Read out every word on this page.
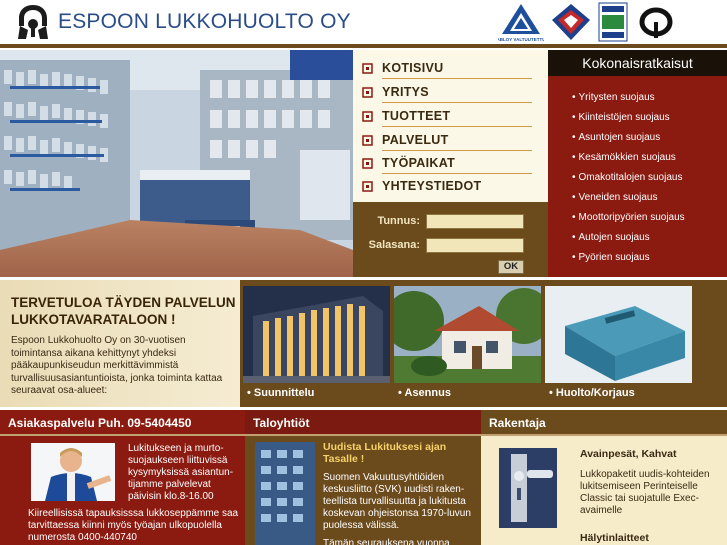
ESPOON LUKKOHUOLTO OY
ABLOY VALTUUTETTU
KOTISIVU
YRITYS
TUOTTEET
PALVELUT
TYÖPAIKAT
YHTEYSTIEDOT
Tunnus:
Salasana:
OK
Kokonaisratkaisut
• Yritysten suojaus
• Kiinteistöjen suojaus
• Asuntojen suojaus
• Kesämökkien suojaus
• Omakotitalojen suojaus
• Veneiden suojaus
• Moottoripyörien suojaus
• Autojen suojaus
• Pyörien suojaus
TERVETULOA TÄYDEN PALVELUN LUKKOTAVARATALOON !
Espoon Lukkohuolto Oy on 30-vuotisen toimintansa aikana kehittynyt yhdeksi pääkaupunkiseudun merkittävimmistä turvallisuusasiantuntioista, jonka toiminta kattaa seuraavat osa-alueet:	• Suunnittelu	• Asennus	• Huolto/Korjaus
Asiakaspalvelu Puh. 09-5404450
Lukitukseen ja murto-suojaukseen liittuvissä kysymyksissä asiantun-tijamme palvelevat päivisin klo.8-16.00
Kiireellisissä tapauksisssa lukkoseppämme saa tarvittaessa kiinni myös työajan ulkopuolella numerosta 0400-440740
Taloyhtiöt
Uudista Lukituksesi ajan Tasalle !
Suomen Vakuutusyhtiöiden keskusliitto (SVK) uudisti raken-teellista turvallisuutta ja lukitusta koskevan ohjeistonsa 1970-luvun puolessa välissä.
Tämän seurauksena vuonna
Rakentaja
Avainpesät, Kahvat
Lukkopaketit uudis-kohteiden lukitsemiseen Perinteiselle Classic tai suojatulle Exec-avaimelle
Hälytinlaitteet
